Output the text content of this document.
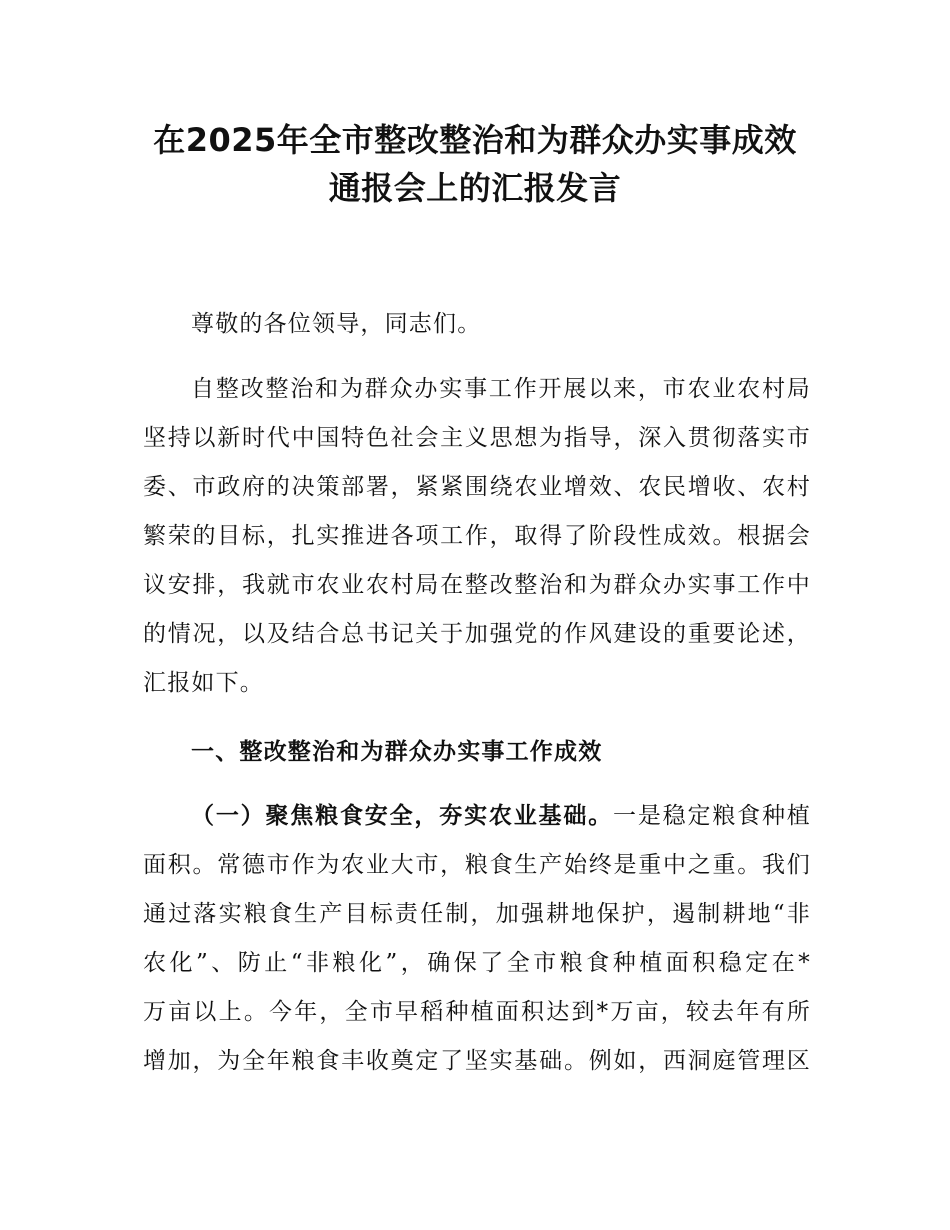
在2025年全市整改整治和为群众办实事成效
通报会上的汇报发言
尊敬的各位领导，同志们。
自整改整治和为群众办实事工作开展以来，市农业农村局
坚持以新时代中国特色社会主义思想为指导，深入贯彻落实市
委、市政府的决策部署，紧紧围绕农业增效、农民增收、农村
繁荣的目标，扎实推进各项工作，取得了阶段性成效。根据会
议安排，我就市农业农村局在整改整治和为群众办实事工作中
的情况，以及结合总书记关于加强党的作风建设的重要论述，
汇报如下。
一、整改整治和为群众办实事工作成效
（一）聚焦粮食安全，夯实农业基础。一是稳定粮食种植
面积。常德市作为农业大市，粮食生产始终是重中之重。我们
通过落实粮食生产目标责任制，加强耕地保护，遏制耕地“非
农化”、防止“非粮化”，确保了全市粮食种植面积稳定在*
万亩以上。今年，全市早稻种植面积达到*万亩，较去年有所
增加，为全年粮食丰收奠定了坚实基础。例如，西洞庭管理区
